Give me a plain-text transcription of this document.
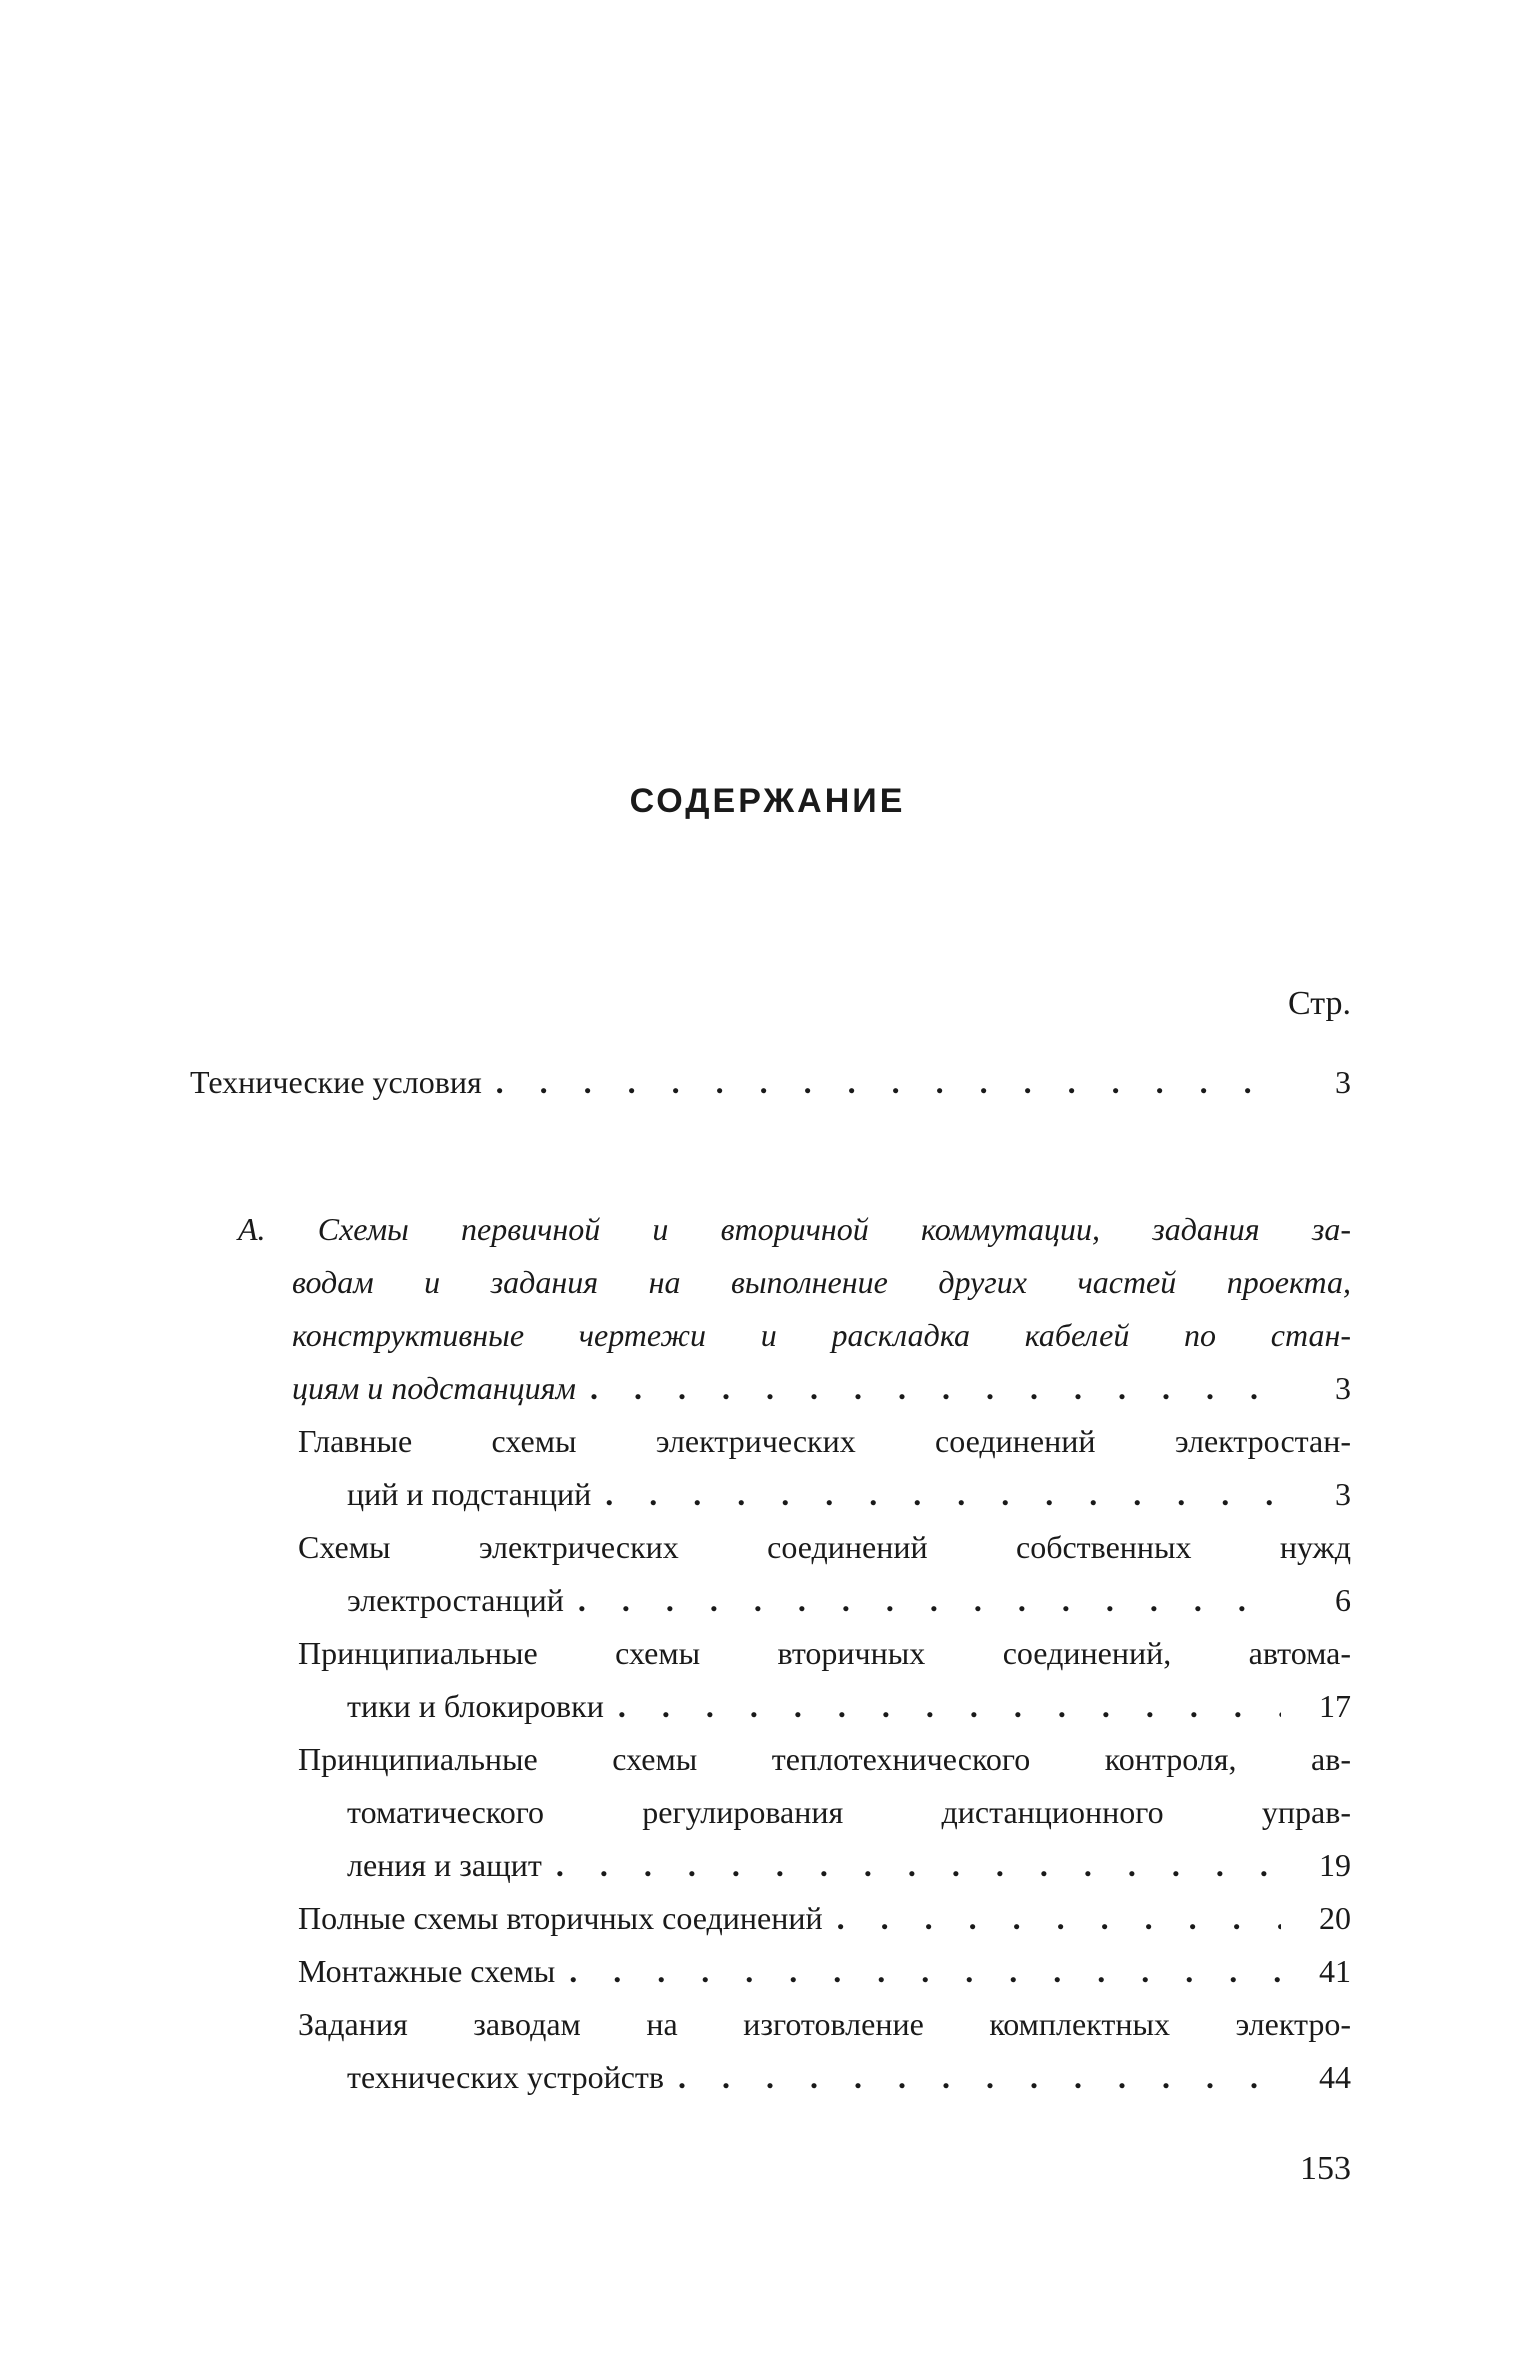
СОДЕРЖАНИЕ
Стр.
Технические условия . . .	3
А. Схемы первичной и вторичной коммутации, задания за-
водам и задания на выполнение других частей проекта,
конструктивные чертежи и раскладка кабелей по стан-
циям и подстанциям . . .	3
Главные схемы электрических соединений электростан-
ций и подстанций . . .	3
Схемы электрических соединений собственных нужд
электростанций . . .	6
Принципиальные схемы вторичных соединений, автома-
тики и блокировки . . .	17
Принципиальные схемы теплотехнического контроля, ав-
томатического регулирования дистанционного управ-
ления и защит . . .	19
Полные схемы вторичных соединений . . .	20
Монтажные схемы . . .	41
Задания заводам на изготовление комплектных электро-
технических устройств . . .	44
153
